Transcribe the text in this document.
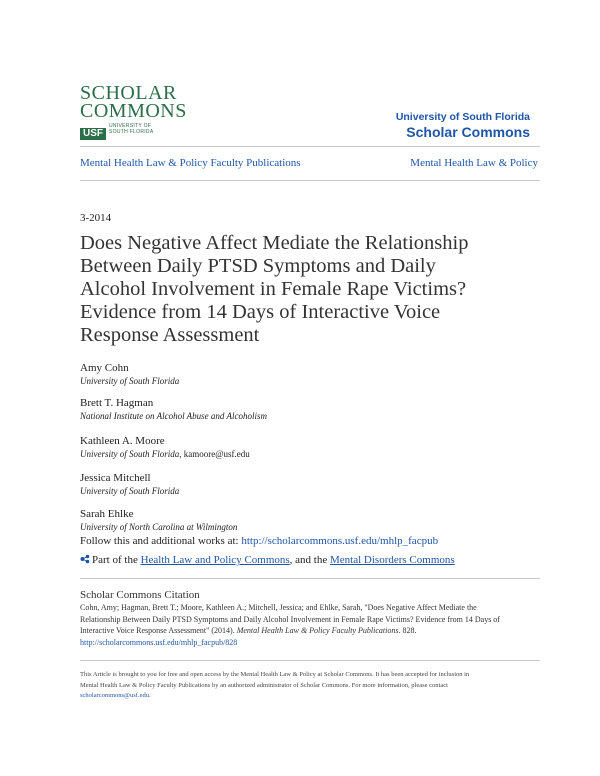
SCHOLAR
COMMONS
USFUNIVERSITY OF
SOUTH FLORIDA
University of South Florida
Scholar Commons
Mental Health Law & Policy Faculty Publications	Mental Health Law & Policy
3-2014
Does Negative Affect Mediate the Relationship
Between Daily PTSD Symptoms and Daily
Alcohol Involvement in Female Rape Victims?
Evidence from 14 Days of Interactive Voice
Response Assessment
Amy Cohn
University of South Florida
Brett T. Hagman
National Institute on Alcohol Abuse and Alcoholism
Kathleen A. Moore
University of South Florida, kamoore@usf.edu
Jessica Mitchell
University of South Florida
Sarah Ehlke
University of North Carolina at Wilmington
Follow this and additional works at: http://scholarcommons.usf.edu/mhlp_facpub
Part of the Health Law and Policy Commons, and the Mental Disorders Commons
Scholar Commons Citation
Cohn, Amy; Hagman, Brett T.; Moore, Kathleen A.; Mitchell, Jessica; and Ehlke, Sarah, "Does Negative Affect Mediate the
Relationship Between Daily PTSD Symptoms and Daily Alcohol Involvement in Female Rape Victims? Evidence from 14 Days of
Interactive Voice Response Assessment" (2014). Mental Health Law & Policy Faculty Publications. 828.
http://scholarcommons.usf.edu/mhlp_facpub/828
This Article is brought to you for free and open access by the Mental Health Law & Policy at Scholar Commons. It has been accepted for inclusion in
Mental Health Law & Policy Faculty Publications by an authorized administrator of Scholar Commons. For more information, please contact
scholarcommons@usf.edu.
